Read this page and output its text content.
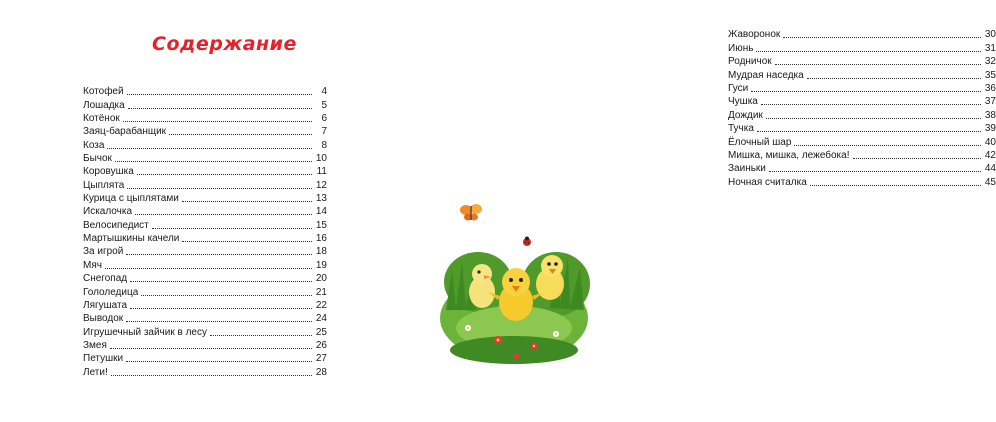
Содержание
Котофей	4
Лошадка	5
Котёнок	6
Заяц-барабанщик	7
Коза	8
Бычок	10
Коровушка	11
Цыплята	12
Курица с цыплятами	13
Искалочка	14
Велосипедист	15
Мартышкины качели	16
За игрой	18
Мяч	19
Снегопад	20
Гололедица	21
Лягушата	22
Выводок	24
Игрушечный зайчик в лесу	25
Змея	26
Петушки	27
Лети!	28
Жаворонок	30
Июнь	31
Родничок	32
Мудрая наседка	35
Гуси	36
Чушка	37
Дождик	38
Тучка	39
Ёлочный шар	40
Мишка, мишка, лежебока!	42
Заиньки	44
Ночная считалка	45
